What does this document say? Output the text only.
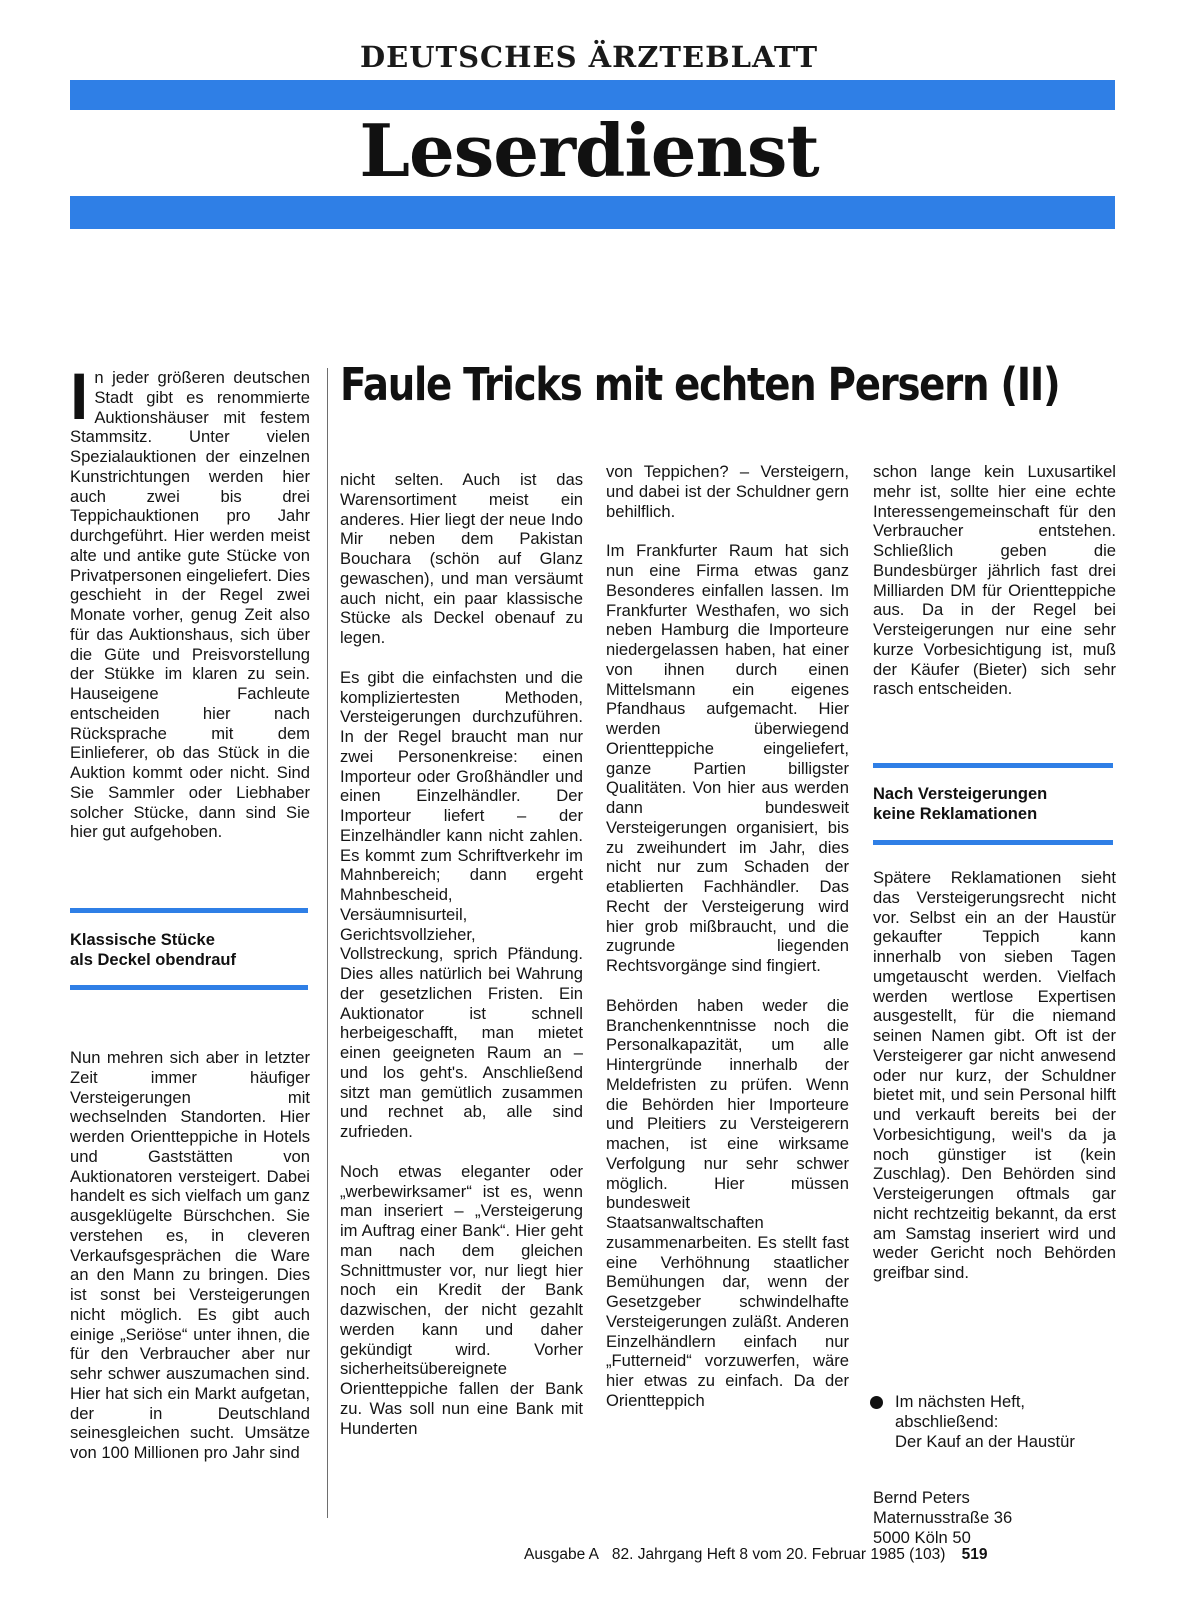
DEUTSCHES ÄRZTEBLATT
Leserdienst
Faule Tricks mit echten Persern (II)

In jeder größeren deutschen Stadt gibt es renommierte Auktionshäuser mit festem Stammsitz. Unter vielen Spezialauktionen der einzelnen Kunstrichtungen werden hier auch zwei bis drei Teppichauktionen pro Jahr durchgeführt. Hier werden meist alte und antike gute Stücke von Privatpersonen eingeliefert. Dies geschieht in der Regel zwei Monate vorher, genug Zeit also für das Auktionshaus, sich über die Güte und Preisvorstellung der Stükke im klaren zu sein. Hauseigene Fachleute entscheiden hier nach Rücksprache mit dem Einlieferer, ob das Stück in die Auktion kommt oder nicht. Sind Sie Sammler oder Liebhaber solcher Stücke, dann sind Sie hier gut aufgehoben.

Klassische Stücke
als Deckel obendrauf

Nun mehren sich aber in letzter Zeit immer häufiger Versteigerungen mit wechselnden Standorten. Hier werden Orientteppiche in Hotels und Gaststätten von Auktionatoren versteigert. Dabei handelt es sich vielfach um ganz ausgeklügelte Bürschchen. Sie verstehen es, in cleveren Verkaufsgesprächen die Ware an den Mann zu bringen. Dies ist sonst bei Versteigerungen nicht möglich. Es gibt auch einige „Seriöse“ unter ihnen, die für den Verbraucher aber nur sehr schwer auszumachen sind. Hier hat sich ein Markt aufgetan, der in Deutschland seinesgleichen sucht. Umsätze von 100 Millionen pro Jahr sind

nicht selten. Auch ist das Warensortiment meist ein anderes. Hier liegt der neue Indo Mir neben dem Pakistan Bouchara (schön auf Glanz gewaschen), und man versäumt auch nicht, ein paar klassische Stücke als Deckel obenauf zu legen.

Es gibt die einfachsten und die kompliziertesten Methoden, Versteigerungen durchzuführen. In der Regel braucht man nur zwei Personenkreise: einen Importeur oder Großhändler und einen Einzelhändler. Der Importeur liefert – der Einzelhändler kann nicht zahlen. Es kommt zum Schriftverkehr im Mahnbereich; dann ergeht Mahnbescheid, Versäumnisurteil, Gerichtsvollzieher, Vollstreckung, sprich Pfändung. Dies alles natürlich bei Wahrung der gesetzlichen Fristen. Ein Auktionator ist schnell herbeigeschafft, man mietet einen geeigneten Raum an – und los geht's. Anschließend sitzt man gemütlich zusammen und rechnet ab, alle sind zufrieden.

Noch etwas eleganter oder „werbewirksamer“ ist es, wenn man inseriert – „Versteigerung im Auftrag einer Bank“. Hier geht man nach dem gleichen Schnittmuster vor, nur liegt hier noch ein Kredit der Bank dazwischen, der nicht gezahlt werden kann und daher gekündigt wird. Vorher sicherheitsübereignete Orientteppiche fallen der Bank zu. Was soll nun eine Bank mit Hunderten

von Teppichen? – Versteigern, und dabei ist der Schuldner gern behilflich.

Im Frankfurter Raum hat sich nun eine Firma etwas ganz Besonderes einfallen lassen. Im Frankfurter Westhafen, wo sich neben Hamburg die Importeure niedergelassen haben, hat einer von ihnen durch einen Mittelsmann ein eigenes Pfandhaus aufgemacht. Hier werden überwiegend Orientteppiche eingeliefert, ganze Partien billigster Qualitäten. Von hier aus werden dann bundesweit Versteigerungen organisiert, bis zu zweihundert im Jahr, dies nicht nur zum Schaden der etablierten Fachhändler. Das Recht der Versteigerung wird hier grob mißbraucht, und die zugrunde liegenden Rechtsvorgänge sind fingiert.

Behörden haben weder die Branchenkenntnisse noch die Personalkapazität, um alle Hintergründe innerhalb der Meldefristen zu prüfen. Wenn die Behörden hier Importeure und Pleitiers zu Versteigerern machen, ist eine wirksame Verfolgung nur sehr schwer möglich. Hier müssen bundesweit Staatsanwaltschaften zusammenarbeiten. Es stellt fast eine Verhöhnung staatlicher Bemühungen dar, wenn der Gesetzgeber schwindelhafte Versteigerungen zuläßt. Anderen Einzelhändlern einfach nur „Futterneid“ vorzuwerfen, wäre hier etwas zu einfach. Da der Orientteppich

schon lange kein Luxusartikel mehr ist, sollte hier eine echte Interessengemeinschaft für den Verbraucher entstehen. Schließlich geben die Bundesbürger jährlich fast drei Milliarden DM für Orientteppiche aus. Da in der Regel bei Versteigerungen nur eine sehr kurze Vorbesichtigung ist, muß der Käufer (Bieter) sich sehr rasch entscheiden.

Nach Versteigerungen
keine Reklamationen

Spätere Reklamationen sieht das Versteigerungsrecht nicht vor. Selbst ein an der Haustür gekaufter Teppich kann innerhalb von sieben Tagen umgetauscht werden. Vielfach werden wertlose Expertisen ausgestellt, für die niemand seinen Namen gibt. Oft ist der Versteigerer gar nicht anwesend oder nur kurz, der Schuldner bietet mit, und sein Personal hilft und verkauft bereits bei der Vorbesichtigung, weil's da ja noch günstiger ist (kein Zuschlag). Den Behörden sind Versteigerungen oftmals gar nicht rechtzeitig bekannt, da erst am Samstag inseriert wird und weder Gericht noch Behörden greifbar sind.

Im nächsten Heft,
abschließend:
Der Kauf an der Haustür
Bernd Peters
Maternusstraße 36
5000 Köln 50
Ausgabe A 82. Jahrgang Heft 8 vom 20. Februar 1985 (103) 519
